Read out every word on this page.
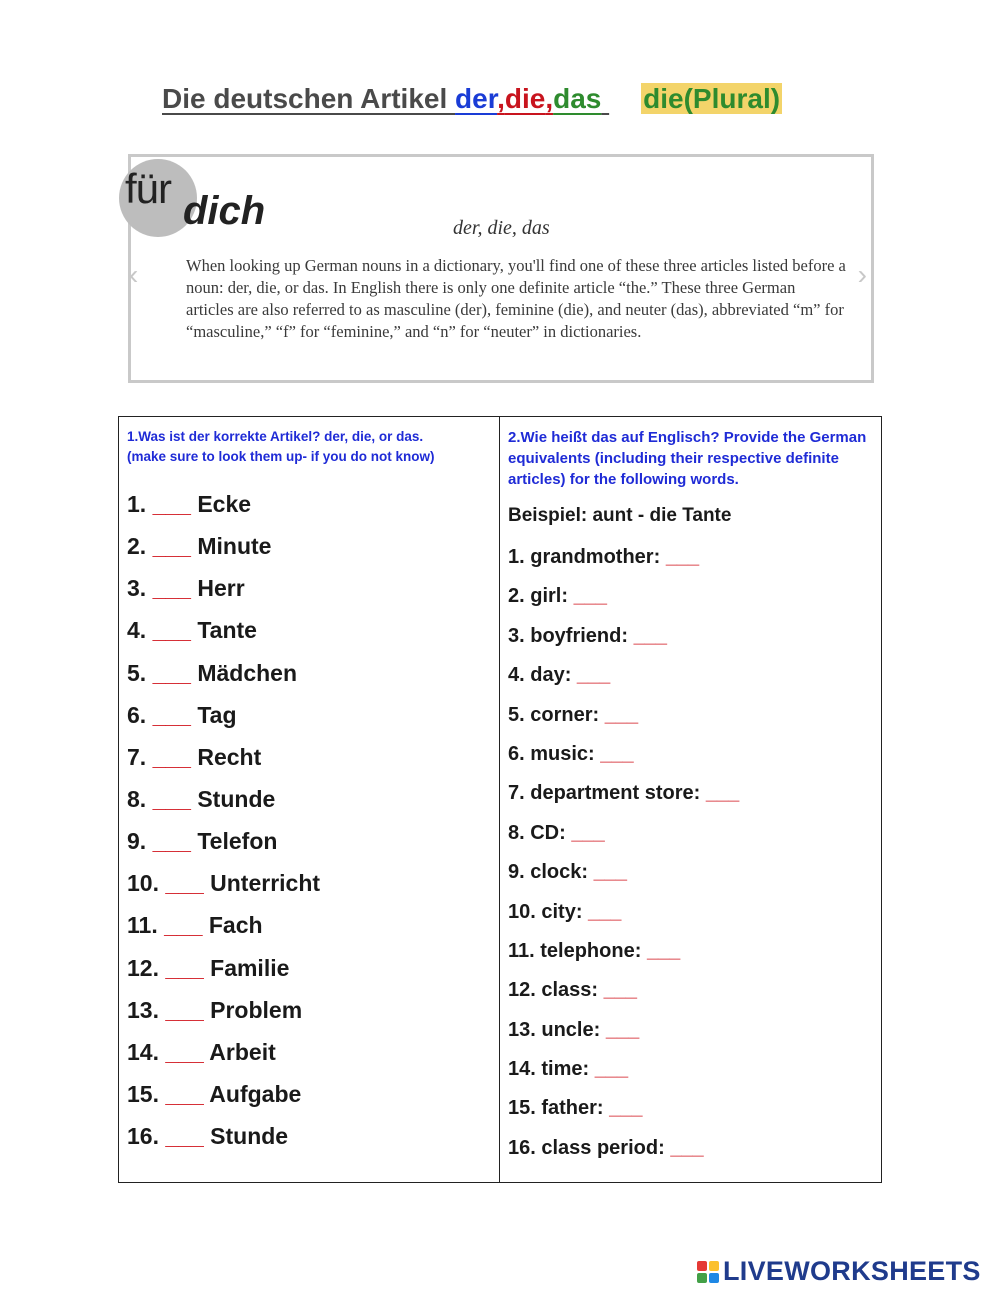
Die deutschen Artikel der,die,das die(Plural)
für dich	der, die, das
When looking up German nouns in a dictionary, you'll find one of these three articles listed before a noun: der, die, or das. In English there is only one definite article “the.” These three German articles are also referred to as masculine (der), feminine (die), and neuter (das), abbreviated “m” for “masculine,” “f” for “feminine,” and “n” for “neuter” in dictionaries.
‹	›
1.Was ist der korrekte Artikel? der, die, or das.
(make sure to look them up- if you do not know)
1. ___ Ecke
2. ___ Minute
3. ___ Herr
4. ___ Tante
5. ___ Mädchen
6. ___ Tag
7. ___ Recht
8. ___ Stunde
9. ___ Telefon
10. ___ Unterricht
11. ___ Fach
12. ___ Familie
13. ___ Problem
14. ___ Arbeit
15. ___ Aufgabe
16. ___ Stunde
2.Wie heißt das auf Englisch? Provide the German equivalents (including their respective definite articles) for the following words.
Beispiel: aunt - die Tante
1. grandmother: ___
2. girl: ___
3. boyfriend: ___
4. day: ___
5. corner: ___
6. music: ___
7. department store: ___
8. CD: ___
9. clock: ___
10. city: ___
11. telephone: ___
12. class: ___
13. uncle: ___
14. time: ___
15. father: ___
16. class period: ___
LIVEWORKSHEETS
